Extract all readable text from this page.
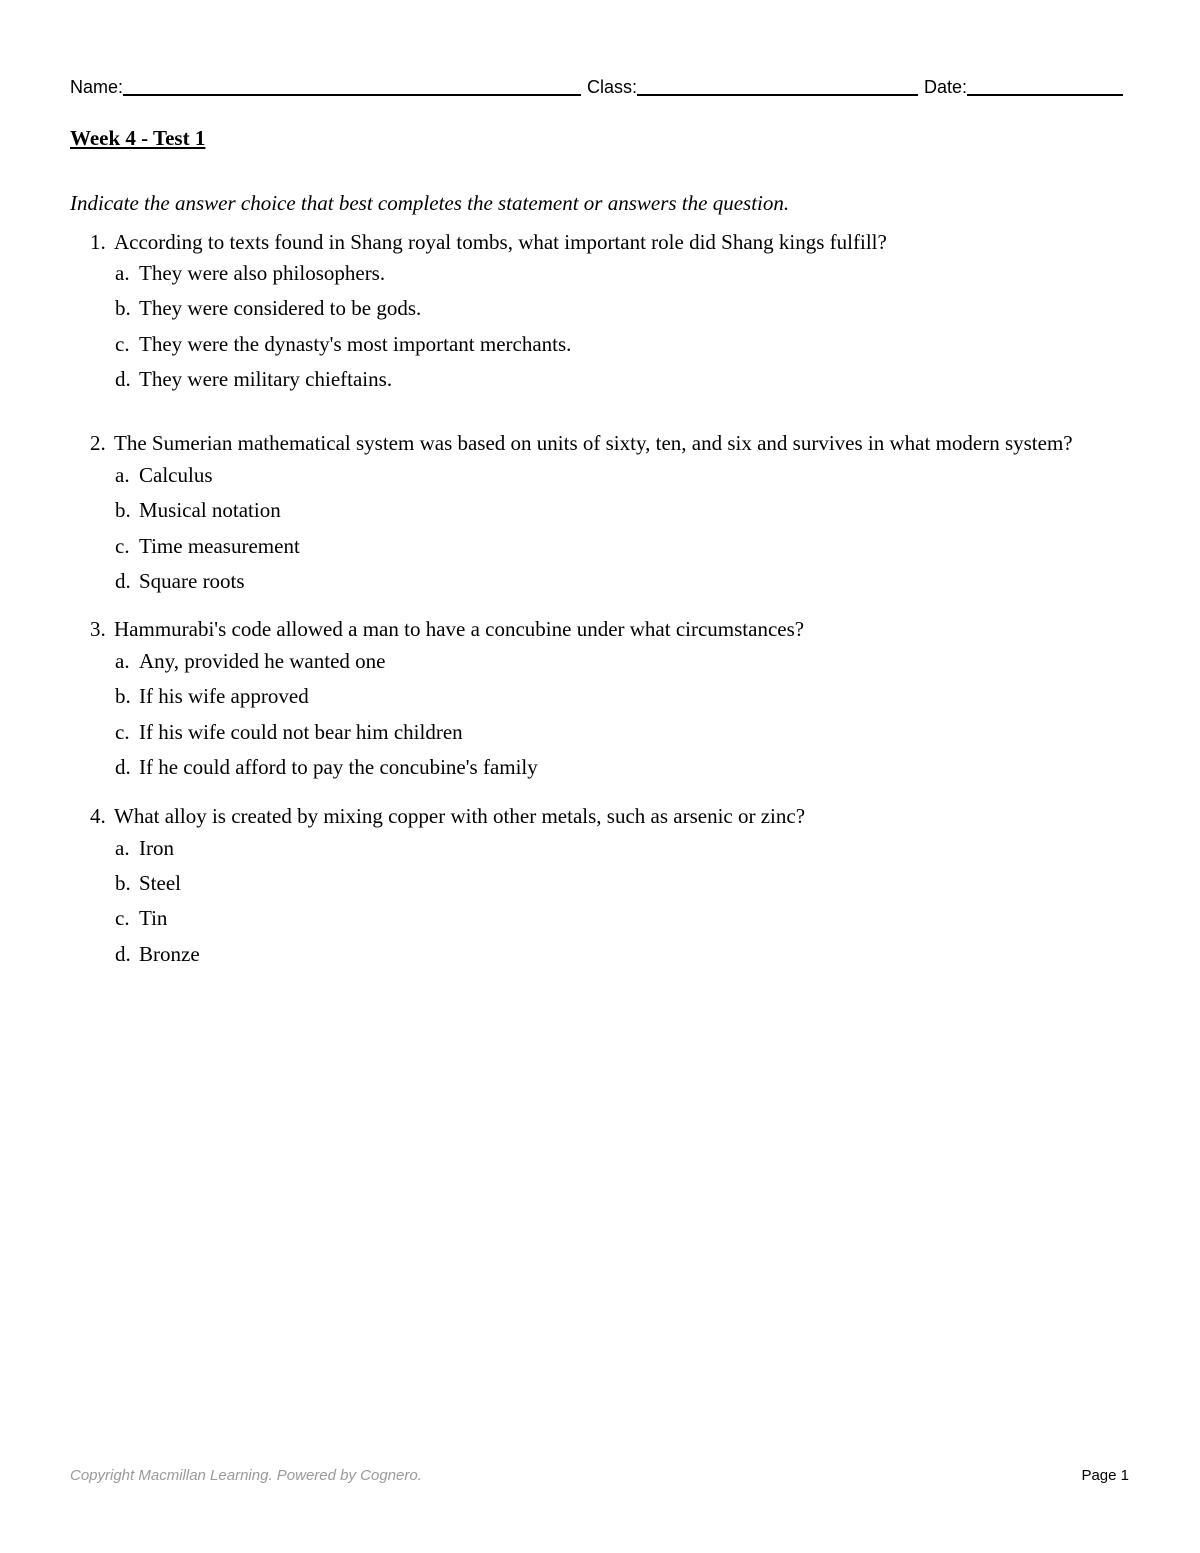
Name:	Class:	Date:
Week 4 - Test 1
Indicate the answer choice that best completes the statement or answers the question.
1. According to texts found in Shang royal tombs, what important role did Shang kings fulfill?
a. They were also philosophers.
b. They were considered to be gods.
c. They were the dynasty's most important merchants.
d. They were military chieftains.
2. The Sumerian mathematical system was based on units of sixty, ten, and six and survives in what modern system?
a. Calculus
b. Musical notation
c. Time measurement
d. Square roots
3. Hammurabi's code allowed a man to have a concubine under what circumstances?
a. Any, provided he wanted one
b. If his wife approved
c. If his wife could not bear him children
d. If he could afford to pay the concubine's family
4. What alloy is created by mixing copper with other metals, such as arsenic or zinc?
a. Iron
b. Steel
c. Tin
d. Bronze
Copyright Macmillan Learning. Powered by Cognero.	Page 1
